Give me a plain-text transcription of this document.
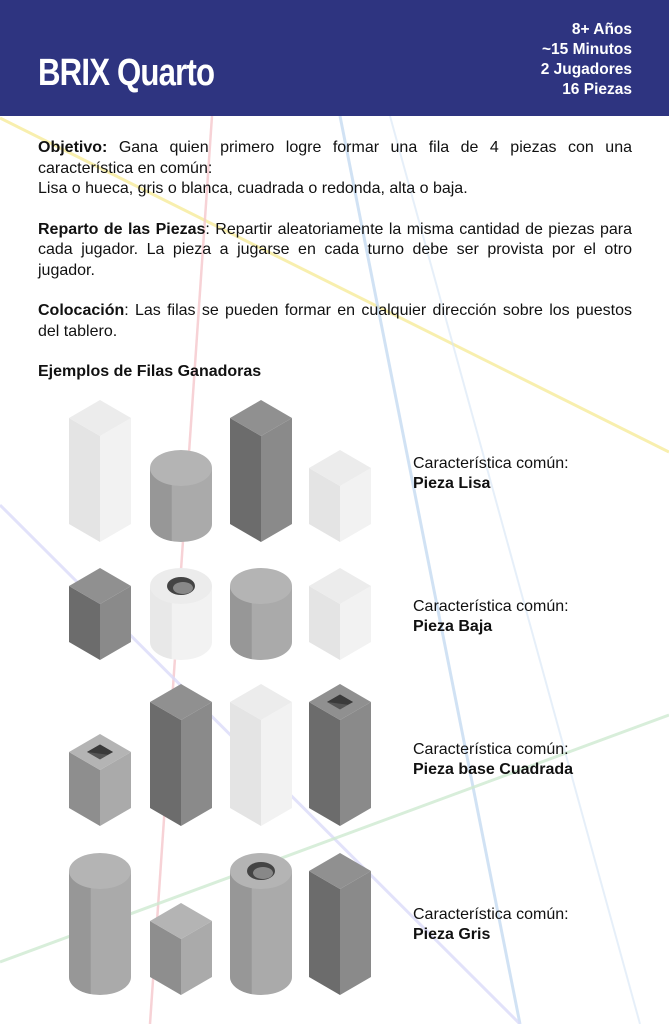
BRIX Quarto
8+ Años
~15 Minutos
2 Jugadores
16 Piezas

Objetivo: Gana quien primero logre formar una fila de 4 piezas con una característica en común:
Lisa o hueca, gris o blanca, cuadrada o redonda, alta o baja.

Reparto de las Piezas: Repartir aleatoriamente la misma cantidad de piezas para cada jugador. La pieza a jugarse en cada turno debe ser provista por el otro jugador.

Colocación: Las filas se pueden formar en cualquier dirección sobre los puestos del tablero.

Ejemplos de Filas Ganadoras
Característica común:
Pieza Lisa
Característica común:
Pieza Baja
Característica común:
Pieza base Cuadrada
Característica común:
Pieza Gris
